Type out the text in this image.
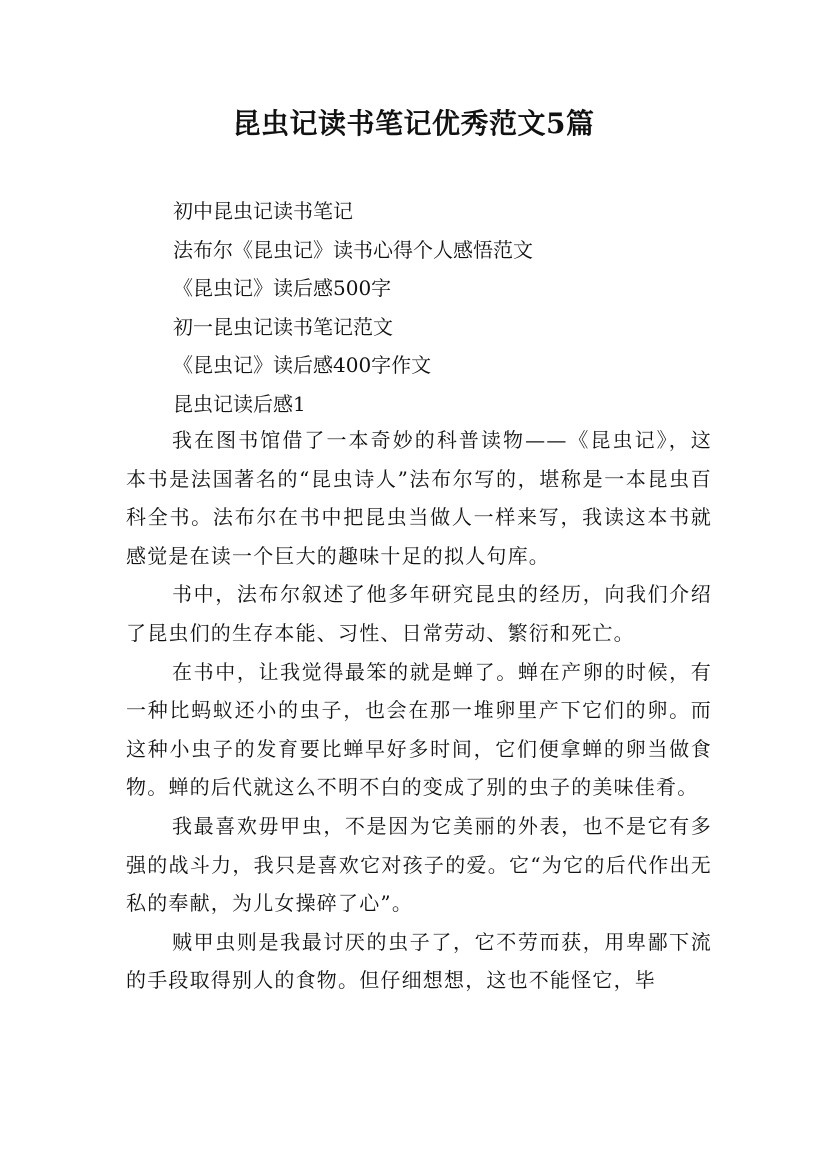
昆虫记读书笔记优秀范文5篇
初中昆虫记读书笔记
法布尔《昆虫记》读书心得个人感悟范文
《昆虫记》读后感500字
初一昆虫记读书笔记范文
《昆虫记》读后感400字作文

昆虫记读后感1

我在图书馆借了一本奇妙的科普读物——《昆虫记》，这本书是法国著名的“昆虫诗人”法布尔写的，堪称是一本昆虫百科全书。法布尔在书中把昆虫当做人一样来写，我读这本书就感觉是在读一个巨大的趣味十足的拟人句库。

书中，法布尔叙述了他多年研究昆虫的经历，向我们介绍了昆虫们的生存本能、习性、日常劳动、繁衍和死亡。

在书中，让我觉得最笨的就是蝉了。蝉在产卵的时候，有一种比蚂蚁还小的虫子，也会在那一堆卵里产下它们的卵。而这种小虫子的发育要比蝉早好多时间，它们便拿蝉的卵当做食物。蝉的后代就这么不明不白的变成了别的虫子的美味佳肴。

我最喜欢毋甲虫，不是因为它美丽的外表，也不是它有多强的战斗力，我只是喜欢它对孩子的爱。它“为它的后代作出无私的奉献，为儿女操碎了心”。

贼甲虫则是我最讨厌的虫子了，它不劳而获，用卑鄙下流的手段取得别人的食物。但仔细想想，这也不能怪它，毕
